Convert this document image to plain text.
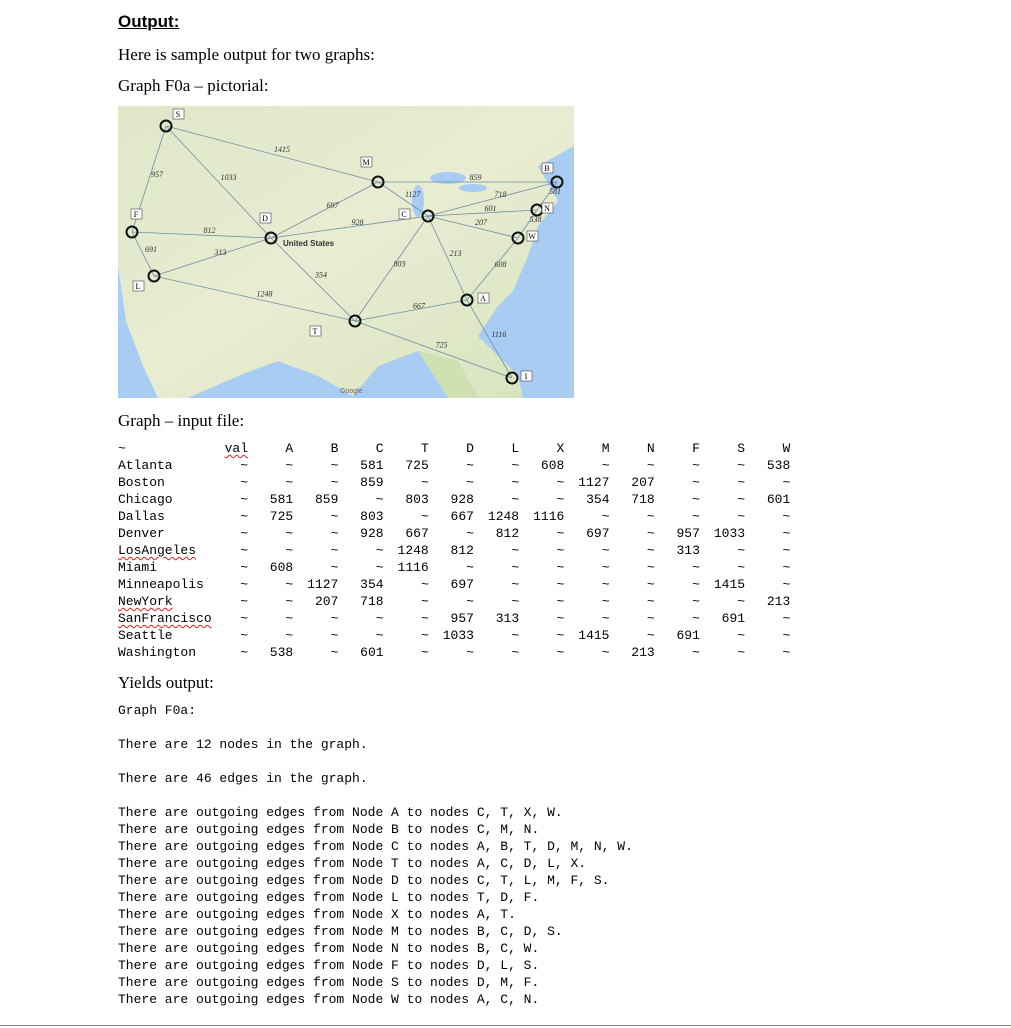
Output:
Here is sample output for two graphs:
Graph F0a – pictorial:
1415
1033
957
812
691	313
1248
697
928
354
1127
859
718
601
207
213
803
667
725
1116
608
538
581
United States
Google
S
F
L
D
M
C
T
A
I
W
N
B
Graph – input file:
~	val	A	B	C	T	D	L	X	M	N	F	S	W
Atlanta	~	~	~	581	725	~	~	608	~	~	~	~	538
Boston	~	~	~	859	~	~	~	~	1127	207	~	~	~
Chicago	~	581	859	~	803	928	~	~	354	718	~	~	601
Dallas	~	725	~	803	~	667	1248	1116	~	~	~	~	~
Denver	~	~	~	928	667	~	812	~	697	~	957	1033	~
LosAngeles	~	~	~	~	1248	812	~	~	~	~	313	~	~
Miami	~	608	~	~	1116	~	~	~	~	~	~	~	~
Minneapolis	~	~	1127	354	~	697	~	~	~	~	~	1415	~
NewYork	~	~	207	718	~	~	~	~	~	~	~	~	213
SanFrancisco	~	~	~	~	~	957	313	~	~	~	~	691	~
Seattle	~	~	~	~	~	1033	~	~	1415	~	691	~	~
Washington	~	538	~	601	~	~	~	~	~	213	~	~	~
Yields output:
Graph F0a:
There are 12 nodes in the graph.
There are 46 edges in the graph.
There are outgoing edges from Node A to nodes C, T, X, W.
There are outgoing edges from Node B to nodes C, M, N.
There are outgoing edges from Node C to nodes A, B, T, D, M, N, W.
There are outgoing edges from Node T to nodes A, C, D, L, X.
There are outgoing edges from Node D to nodes C, T, L, M, F, S.
There are outgoing edges from Node L to nodes T, D, F.
There are outgoing edges from Node X to nodes A, T.
There are outgoing edges from Node M to nodes B, C, D, S.
There are outgoing edges from Node N to nodes B, C, W.
There are outgoing edges from Node F to nodes D, L, S.
There are outgoing edges from Node S to nodes D, M, F.
There are outgoing edges from Node W to nodes A, C, N.
